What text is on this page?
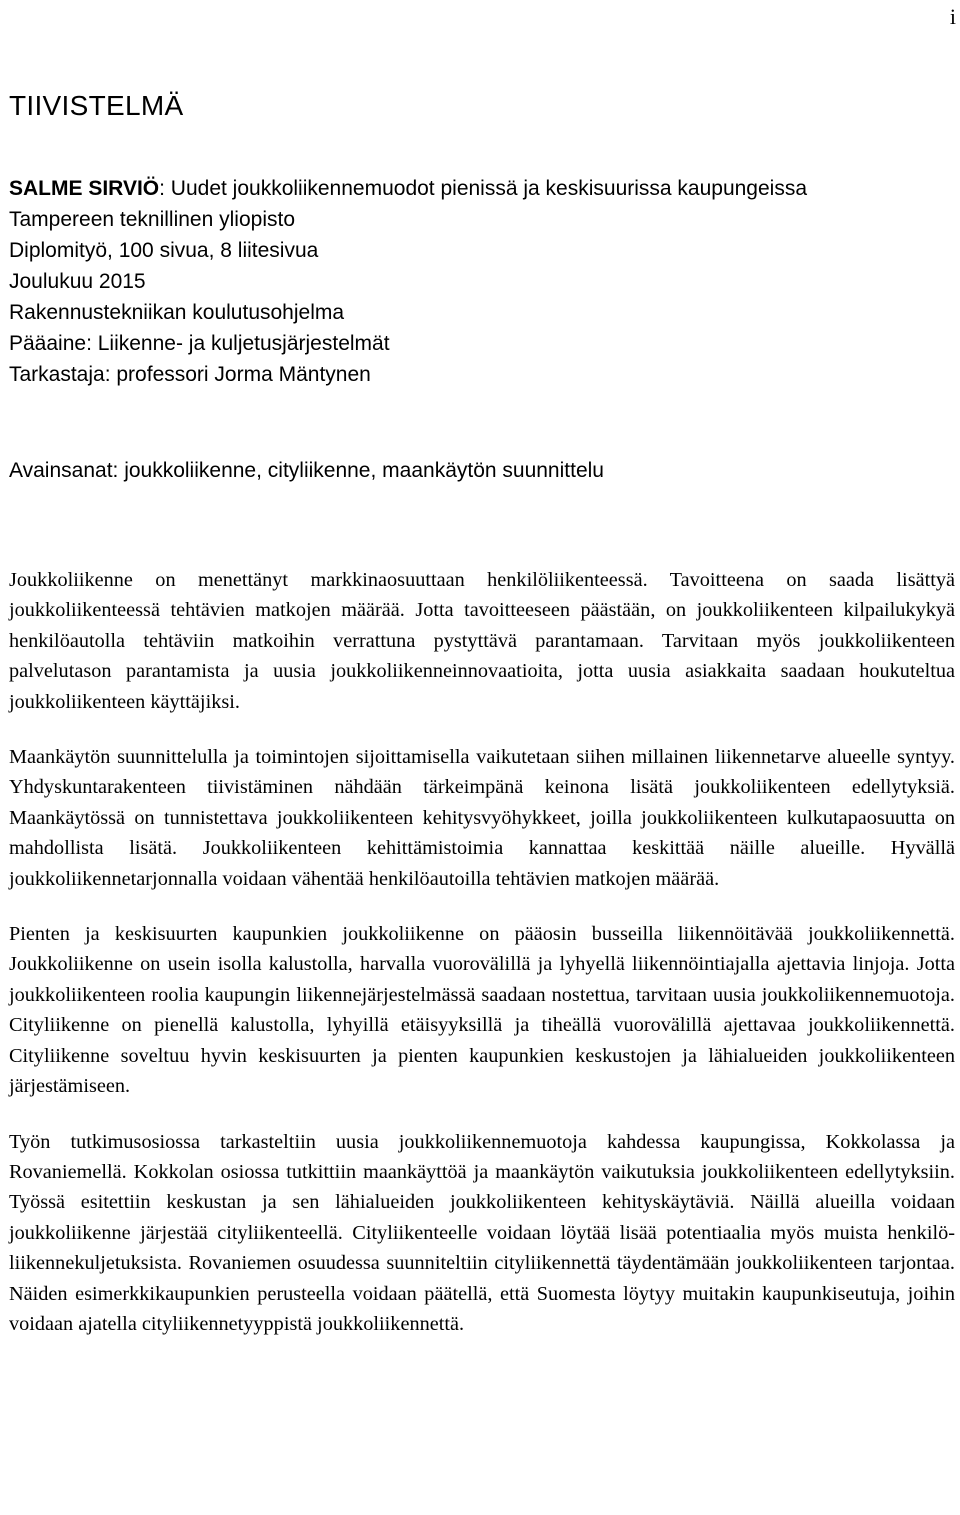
i
TIIVISTELMÄ
SALME SIRVIÖ: Uudet joukkoliikennemuodot pienissä ja keskisuurissa kaupungeissa
Tampereen teknillinen yliopisto
Diplomityö, 100 sivua, 8 liitesivua
Joulukuu 2015
Rakennustekniikan koulutusohjelma
Pääaine: Liikenne- ja kuljetusjärjestelmät
Tarkastaja: professori Jorma Mäntynen
Avainsanat: joukkoliikenne, cityliikenne, maankäytön suunnittelu

Joukkoliikenne on menettänyt markkinaosuuttaan henkilöliikenteessä. Tavoitteena on saada lisättyä joukkoliikenteessä tehtävien matkojen määrää. Jotta tavoitteeseen päästään, on joukkoliikenteen kilpailukykyä henkilöautolla tehtäviin matkoihin verrattuna pystyttävä parantamaan. Tarvitaan myös joukkoliikenteen palvelutason parantamista ja uusia joukkoliikenneinnovaatioita, jotta uusia asiakkaita saadaan houkuteltua joukkoliikenteen käyttäjiksi.

Maankäytön suunnittelulla ja toimintojen sijoittamisella vaikutetaan siihen millainen liikennetarve alueelle syntyy. Yhdyskuntarakenteen tiivistäminen nähdään tärkeimpänä keinona lisätä joukkoliikenteen edellytyksiä. Maankäytössä on tunnistettava joukkoliikenteen kehitysvyöhykkeet, joilla joukkoliikenteen kulkutapaosuutta on mahdollista lisätä. Joukkoliikenteen kehittämistoimia kannattaa keskittää näille alueille. Hyvällä joukkoliikennetarjonnalla voidaan vähentää henkilöautoilla tehtävien matkojen määrää.

Pienten ja keskisuurten kaupunkien joukkoliikenne on pääosin busseilla liikennöitävää joukkoliikennettä. Joukkoliikenne on usein isolla kalustolla, harvalla vuorovälillä ja lyhyellä liikennöintiajalla ajettavia linjoja. Jotta joukkoliikenteen roolia kaupungin liikennejärjestelmässä saadaan nostettua, tarvitaan uusia joukkoliikennemuotoja. Cityliikenne on pienellä kalustolla, lyhyillä etäisyyksillä ja tiheällä vuorovälillä ajettavaa joukkoliikennettä. Cityliikenne soveltuu hyvin keskisuurten ja pienten kaupunkien keskustojen ja lähialueiden joukkoliikenteen järjestämiseen.

Työn tutkimusosiossa tarkasteltiin uusia joukkoliikennemuotoja kahdessa kaupungissa, Kokkolassa ja Rovaniemellä. Kokkolan osiossa tutkittiin maankäyttöä ja maankäytön vaikutuksia joukkoliikenteen edellytyksiin. Työssä esitettiin keskustan ja sen lähialueiden joukkoliikenteen kehityskäytäviä. Näillä alueilla voidaan joukkoliikenne järjestää cityliikenteellä. Cityliikenteelle voidaan löytää lisää potentiaalia myös muista henkilöliikennekuljetuksista. Rovaniemen osuudessa suunniteltiin cityliikennettä täydentämään joukkoliikenteen tarjontaa. Näiden esimerkkikaupunkien perusteella voidaan päätellä, että Suomesta löytyy muitakin kaupunkiseutuja, joihin voidaan ajatella cityliikennetyyppistä joukkoliikennettä.
